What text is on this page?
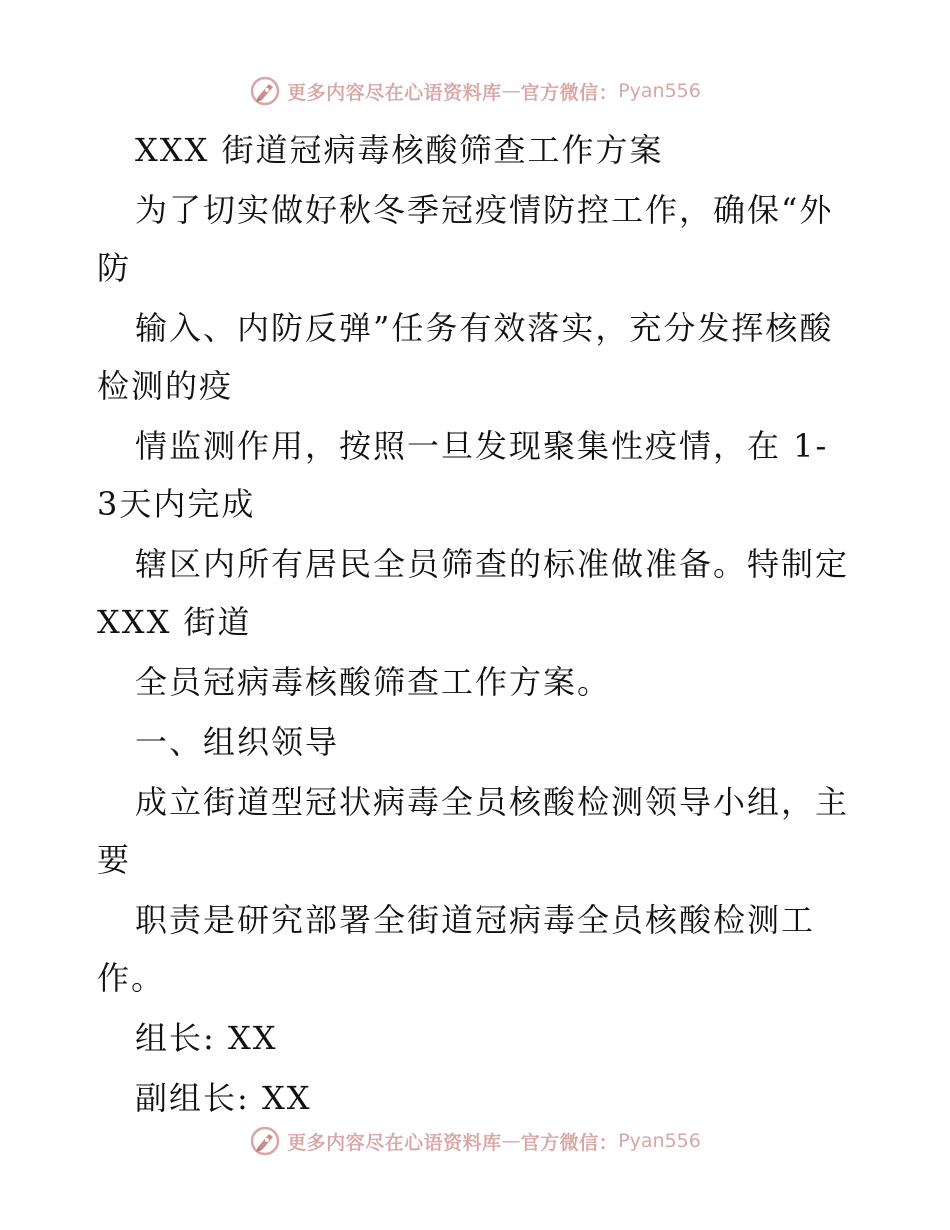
更多内容尽在心语资料库 — 官方微信： Pyan556
XXX 街道冠病毒核酸筛查工作方案
为了切实做好秋冬季冠疫情防控工作，确保“外
防
输入、内防反弹”任务有效落实，充分发挥核酸
检测的疫
情监测作用，按照一旦发现聚集性疫情，在 1-
3天内完成
辖区内所有居民全员筛查的标准做准备。特制定
XXX 街道
全员冠病毒核酸筛查工作方案。
一、组织领导
成立街道型冠状病毒全员核酸检测领导小组，主
要
职责是研究部署全街道冠病毒全员核酸检测工
作。
组长: XX
副组长: XX
更多内容尽在心语资料库 — 官方微信： Pyan556
